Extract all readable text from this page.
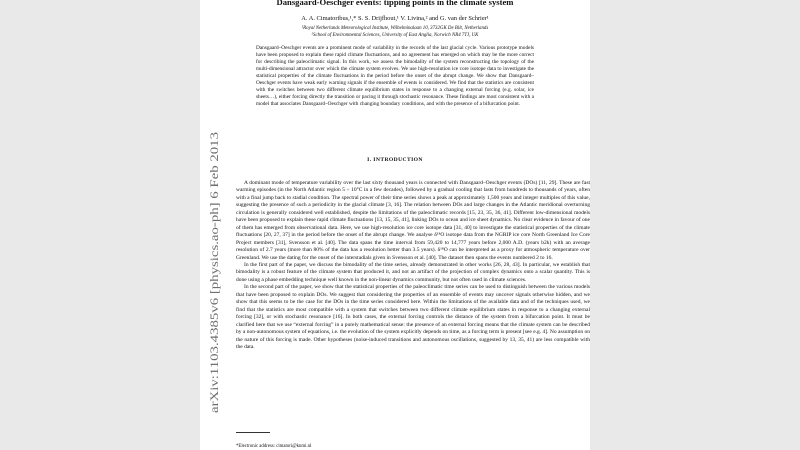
Dansgaard-Oeschger events: tipping points in the climate system
A. A. Cimatoribus,¹,* S. S. Drijfhout,¹ V. Livina,² and G. van der Schrier¹
¹Royal Netherlands Meteorological Institute, Wilhelminalaan 10, 3732GK De Bilt, Netherlands
²School of Environmental Sciences, University of East Anglia, Norwich NR4 7TJ, UK
Dansgaard–Oeschger events are a prominent mode of variability in the records of the last glacial cycle. Various prototype models have been proposed to explain these rapid climate fluctuations, and no agreement has emerged on which may be the more correct for describing the paleoclimatic signal. In this work, we assess the bimodality of the system reconstructing the topology of the multi-dimensional attractor over which the climate system evolves. We use high-resolution ice core isotope data to investigate the statistical properties of the climate fluctuations in the period before the onset of the abrupt change. We show that Dansgaard–Oeschger events have weak early warning signals if the ensemble of events is considered. We find that the statistics are consistent with the switches between two different climate equilibrium states in response to a changing external forcing (e.g. solar, ice sheets…), either forcing directly the transition or pacing it through stochastic resonance. These findings are most consistent with a model that associates Dansgaard–Oeschger with changing boundary conditions, and with the presence of a bifurcation point.
I. INTRODUCTION

A dominant mode of temperature variability over the last sixty thousand years is connected with Dansgaard–Oeschger events (DOs) [11, 29]. These are fast warming episodes (in the North Atlantic region 5 ÷ 10°C in a few decades), followed by a gradual cooling that lasts from hundreds to thousands of years, often with a final jump back to stadial condition. The spectral power of their time series shows a peak at approximately 1,500 years and integer multiples of this value, suggesting the presence of such a periodicity in the glacial climate [3, 16]. The relation between DOs and large changes in the Atlantic meridional overturning circulation is generally considered well established, despite the limitations of the paleoclimatic records [15, 23, 35, 36, 41]. Different low-dimensional models have been proposed to explain these rapid climate fluctuations [13, 15, 35, 41], linking DOs to ocean and ice sheet dynamics. No clear evidence in favour of one of them has emerged from observational data. Here, we use high-resolution ice core isotope data [31, 40] to investigate the statistical properties of the climate fluctuations [20, 27, 37] in the period before the onset of the abrupt change. We analyse δ¹⁸O isotope data from the NGRIP ice core North Greenland Ice Core Project members [31], Svensson et al. [40]. The data spans the time interval from 59,420 to 14,777 years before 2,000 A.D. (years b2k) with an average resolution of 2.7 years (more than 80% of the data has a resolution better than 3.5 years). δ¹⁸O can be interpreted as a proxy for atmospheric temperature over Greenland. We use the dating for the onset of the interstadials given in Svensson et al. [40]. The dataset then spans the events numbered 2 to 16.

In the first part of the paper, we discuss the bimodality of the time series, already demonstrated in other works [26, 28, 43]. In particular, we establish that bimodality is a robust feature of the climate system that produced it, and not an artifact of the projection of complex dynamics onto a scalar quantity. This is done using a phase embedding technique well known in the non-linear dynamics community, but not often used in climate sciences.

In the second part of the paper, we show that the statistical properties of the paleoclimatic time series can be used to distinguish between the various models that have been proposed to explain DOs. We suggest that considering the properties of an ensemble of events may uncover signals otherwise hidden, and we show that this seems to be the case for the DOs in the time series considered here. Within the limitations of the available data and of the techniques used, we find that the statistics are most compatible with a system that switches between two different climate equilibrium states in response to a changing external forcing [32], or with stochastic resonance [16]. In both cases, the external forcing controls the distance of the system from a bifurcation point. It must be clarified here that we use “external forcing” in a purely mathematical sense: the presence of an external forcing means that the climate system can be described by a non-autonomous system of equations, i.e. the evolution of the system explicitly depends on time, as a forcing term is present [see e.g. 4]. No assumption on the nature of this forcing is made. Other hypotheses (noise-induced transitions and autonomous oscillations, suggested by 13, 35, 41) are less compatible with the data.

*Electronic address: cimatori@knmi.nl
arXiv:1103.4385v6 [physics.ao-ph] 6 Feb 2013
